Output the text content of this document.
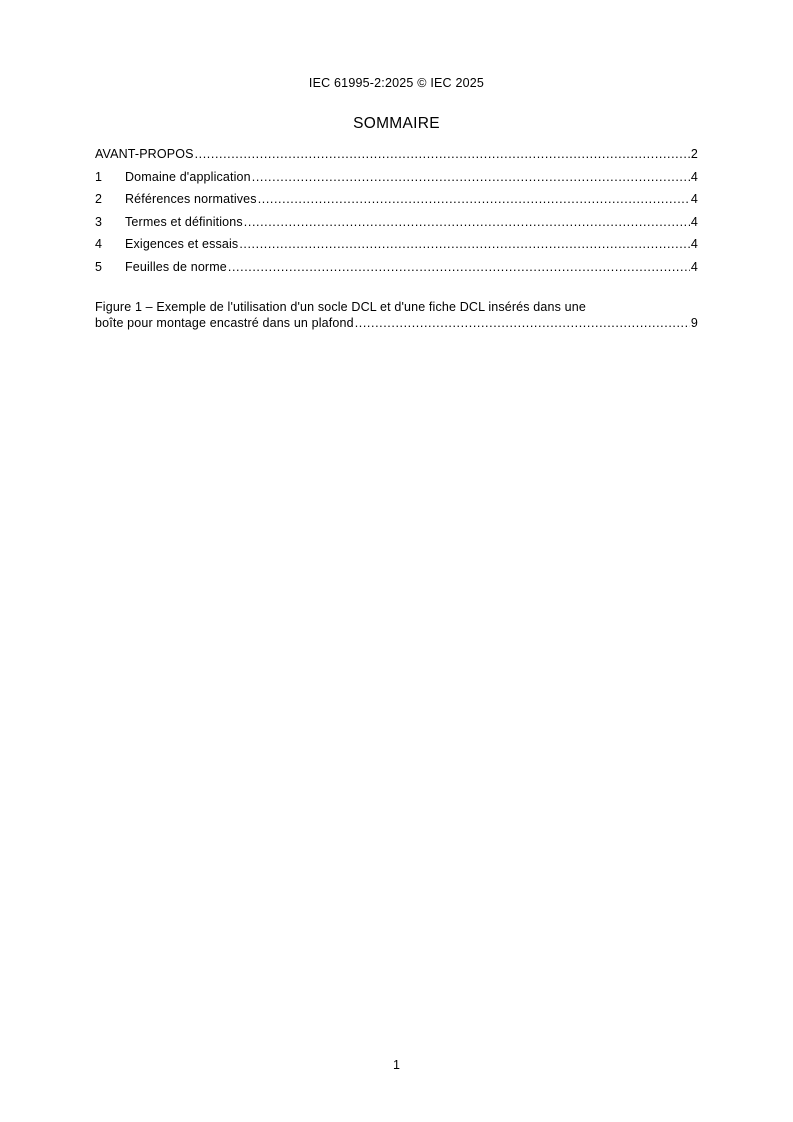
IEC 61995-2:2025 © IEC 2025
SOMMAIRE
AVANT-PROPOS .....	2
1	Domaine d'application .....	4
2	Références normatives .....	4
3	Termes et définitions .....	4
4	Exigences et essais .....	4
5	Feuilles de norme .....	4
Figure 1 – Exemple de l'utilisation d'un socle DCL et d'une fiche DCL insérés dans une
boîte pour montage encastré dans un plafond .....	9
1
